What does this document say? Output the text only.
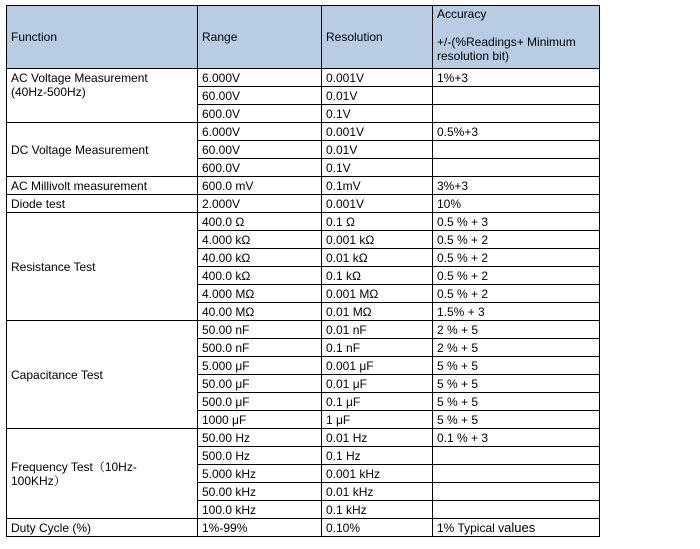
Function	Range	Resolution	Accuracy

+/-(%Readings+ Minimum resolution bit)
AC Voltage Measurement
(40Hz-500Hz)	6.000V	0.001V	1%+3
	60.00V	0.01V	
	600.0V	0.1V	
DC Voltage Measurement	6.000V	0.001V	0.5%+3
	60.00V	0.01V	
	600.0V	0.1V	
AC Millivolt measurement	600.0 mV	0.1mV	3%+3
Diode test	2.000V	0.001V	10%
Resistance Test	400.0 Ω	0.1 Ω	0.5 % + 3
	4.000 kΩ	0.001 kΩ	0.5 % + 2
	40.00 kΩ	0.01 kΩ	0.5 % + 2
	400.0 kΩ	0.1 kΩ	0.5 % + 2
	4.000 MΩ	0.001 MΩ	0.5 % + 2
	40.00 MΩ	0.01 MΩ	1.5% + 3
Capacitance Test	50.00 nF	0.01 nF	2 % + 5
	500.0 nF	0.1 nF	2 % + 5
	5.000 μF	0.001 μF	5 % + 5
	50.00 μF	0.01 μF	5 % + 5
	500.0 μF	0.1 μF	5 % + 5
	1000 μF	1 μF	5 % + 5
Frequency Test（10Hz-
100KHz）	50.00 Hz	0.01 Hz	0.1 % + 3
	500.0 Hz	0.1 Hz	
	5.000 kHz	0.001 kHz	
	50.00 kHz	0.01 kHz	
	100.0 kHz	0.1 kHz	
Duty Cycle (%)	1%-99%	0.10%	1% Typical values
